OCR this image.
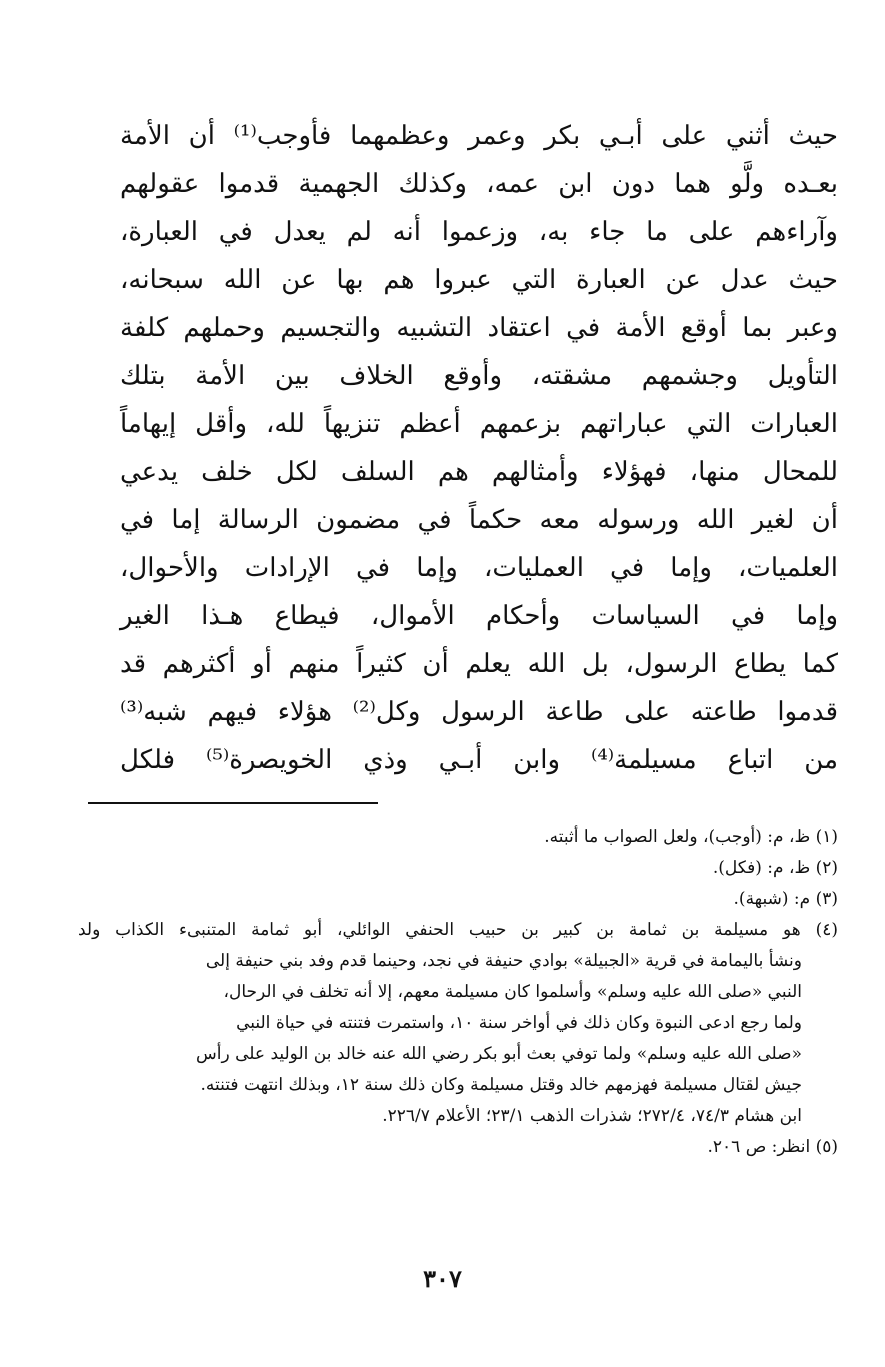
حيث أثني على أبـي بكر وعمر وعظمهما فأوجب⁽¹⁾ أن الأمة
بعـده ولَّو هما دون ابن عمه، وكذلك الجهمية قدموا عقولهم
وآراءهم على ما جاء به، وزعموا أنه لم يعدل في العبارة،
حيث عدل عن العبارة التي عبروا هم بها عن الله سبحانه،
وعبر بما أوقع الأمة في اعتقاد التشبيه والتجسيم وحملهم كلفة
التأويل وجشمهم مشقته، وأوقع الخلاف بين الأمة بتلك
العبارات التي عباراتهم بزعمهم أعظم تنزيهاً لله، وأقل إيهاماً
للمحال منها، فهؤلاء وأمثالهم هم السلف لكل خلف يدعي
أن لغير الله ورسوله معه حكماً في مضمون الرسالة إما في
العلميات، وإما في العمليات، وإما في الإرادات والأحوال،
وإما في السياسات وأحكام الأموال، فيطاع هـذا الغير
كما يطاع الرسول، بل الله يعلم أن كثيراً منهم أو أكثرهم قد
قدموا طاعته على طاعة الرسول وكل⁽²⁾ هؤلاء فيهم شبه⁽³⁾
من اتباع مسيلمة⁽⁴⁾ وابن أبـي وذي الخويصرة⁽⁵⁾ فلكل
(١) ظ، م: (أوجب)، ولعل الصواب ما أثبته.
(٢) ظ، م: (فكل).
(٣) م: (شبهة).
(٤) هو مسيلمة بن ثمامة بن كبير بن حبيب الحنفي الوائلي، أبو ثمامة المتنبىء الكذاب ولد
ونشأ باليمامة في قرية «الجبيلة» بوادي حنيفة في نجد، وحينما قدم وفد بني حنيفة إلى
النبي «صلى الله عليه وسلم» وأسلموا كان مسيلمة معهم، إلا أنه تخلف في الرحال،
ولما رجع ادعى النبوة وكان ذلك في أواخر سنة ١٠، واستمرت فتنته في حياة النبي
«صلى الله عليه وسلم» ولما توفي بعث أبو بكر رضي الله عنه خالد بن الوليد على رأس
جيش لقتال مسيلمة فهزمهم خالد وقتل مسيلمة وكان ذلك سنة ١٢، وبذلك انتهت فتنته.
ابن هشام ٧٤/٣، ٢٧٢/٤؛ شذرات الذهب ٢٣/١؛ الأعلام ٢٢٦/٧.
(٥) انظر: ص ٢٠٦.
٣٠٧
